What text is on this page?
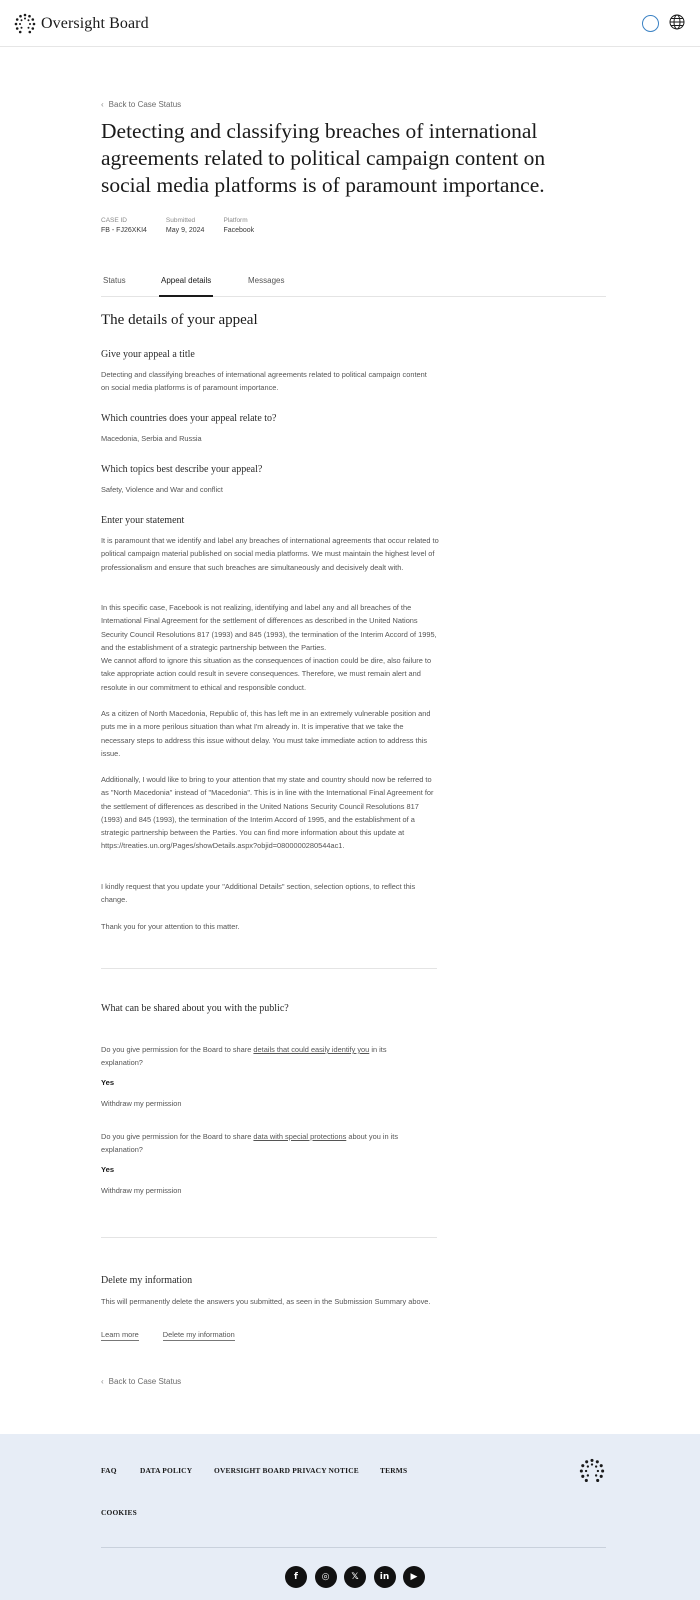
Oversight Board
‹ Back to Case Status
Detecting and classifying breaches of international agreements related to political campaign content on social media platforms is of paramount importance.
CASE ID
FB - FJ26XKI4
Submitted
May 9, 2024
Platform
Facebook
Status	Appeal details	Messages
The details of your appeal
Give your appeal a title
Detecting and classifying breaches of international agreements related to political campaign content on social media platforms is of paramount importance.
Which countries does your appeal relate to?
Macedonia, Serbia and Russia
Which topics best describe your appeal?
Safety, Violence and War and conflict
Enter your statement
It is paramount that we identify and label any breaches of international agreements that occur related to political campaign material published on social media platforms. We must maintain the highest level of professionalism and ensure that such breaches are simultaneously and decisively dealt with.
In this specific case, Facebook is not realizing, identifying and label any and all breaches of the International Final Agreement for the settlement of differences as described in the United Nations Security Council Resolutions 817 (1993) and 845 (1993), the termination of the Interim Accord of 1995, and the establishment of a strategic partnership between the Parties.
We cannot afford to ignore this situation as the consequences of inaction could be dire, also failure to take appropriate action could result in severe consequences. Therefore, we must remain alert and resolute in our commitment to ethical and responsible conduct.
As a citizen of North Macedonia, Republic of, this has left me in an extremely vulnerable position and puts me in a more perilous situation than what I'm already in. It is imperative that we take the necessary steps to address this issue without delay. You must take immediate action to address this issue.
Additionally, I would like to bring to your attention that my state and country should now be referred to as "North Macedonia" instead of "Macedonia". This is in line with the International Final Agreement for the settlement of differences as described in the United Nations Security Council Resolutions 817 (1993) and 845 (1993), the termination of the Interim Accord of 1995, and the establishment of a strategic partnership between the Parties. You can find more information about this update at https://treaties.un.org/Pages/showDetails.aspx?objid=0800000280544ac1.
I kindly request that you update your "Additional Details" section, selection options, to reflect this change.
Thank you for your attention to this matter.
What can be shared about you with the public?
Do you give permission for the Board to share details that could easily identify you in its explanation?
Yes
Withdraw my permission
Do you give permission for the Board to share data with special protections about you in its explanation?
Yes
Withdraw my permission
Delete my information
This will permanently delete the answers you submitted, as seen in the Submission Summary above.
Learn more	Delete my information
‹ Back to Case Status
FAQ	DATA POLICY	OVERSIGHT BOARD PRIVACY NOTICE	TERMS
COOKIES
f	◎	𝕏	in	▶
